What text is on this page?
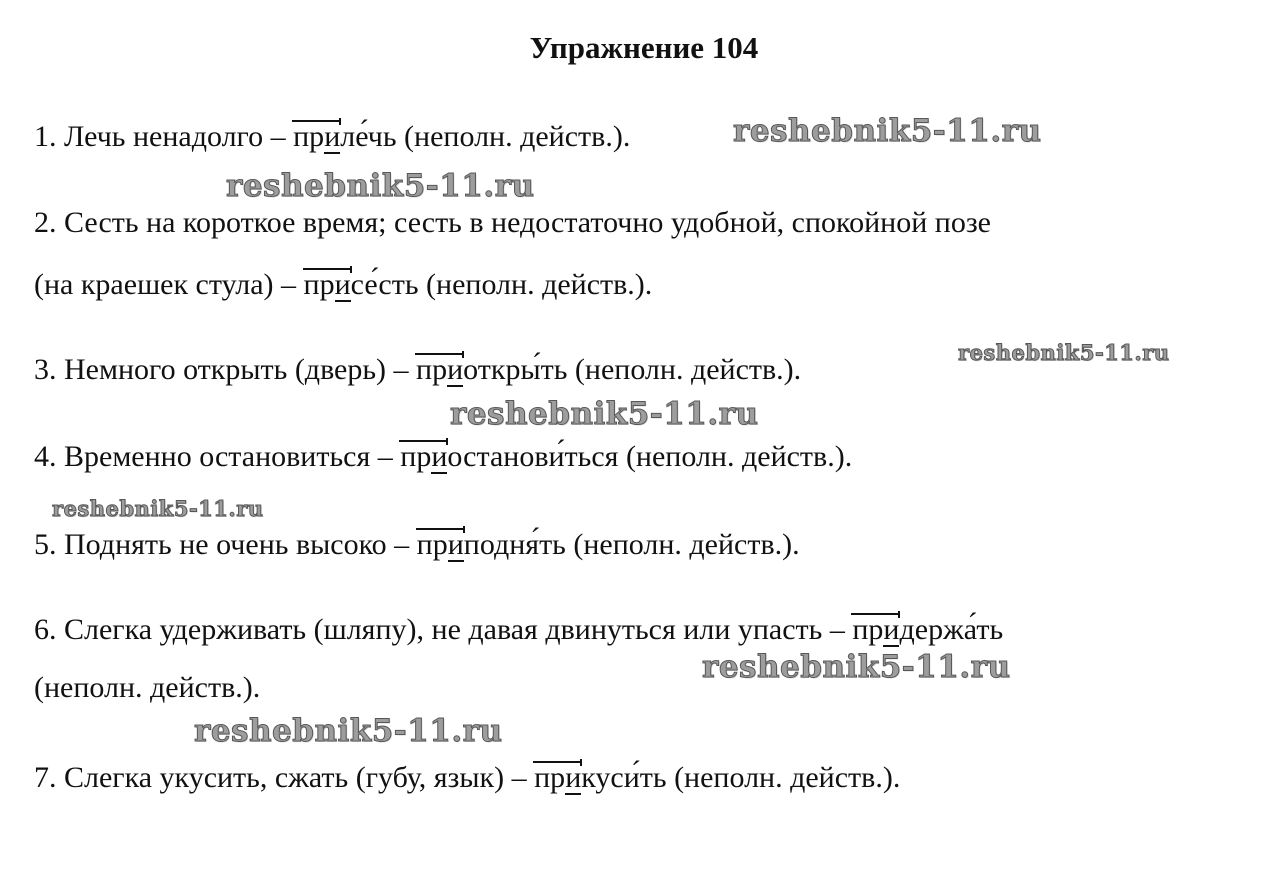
Упражнение 104
1. Лечь ненадолго – приле́чь (неполн. действ.).
2. Сесть на короткое время; сесть в недостаточно удобной, спокойной позе
(на краешек стула) – присе́сть (неполн. действ.).
3. Немного открыть (дверь) – приоткры́ть (неполн. действ.).
4. Временно остановиться – приостанови́ться (неполн. действ.).
5. Поднять не очень высоко – приподня́ть (неполн. действ.).
6. Слегка удерживать (шляпу), не давая двинуться или упасть – придержа́ть
(неполн. действ.).
7. Слегка укусить, сжать (губу, язык) – прикуси́ть (неполн. действ.).
reshebnik5-11.ru
reshebnik5-11.ru
reshebnik5-11.ru
reshebnik5-11.ru
reshebnik5-11.ru
reshebnik5-11.ru
reshebnik5-11.ru
